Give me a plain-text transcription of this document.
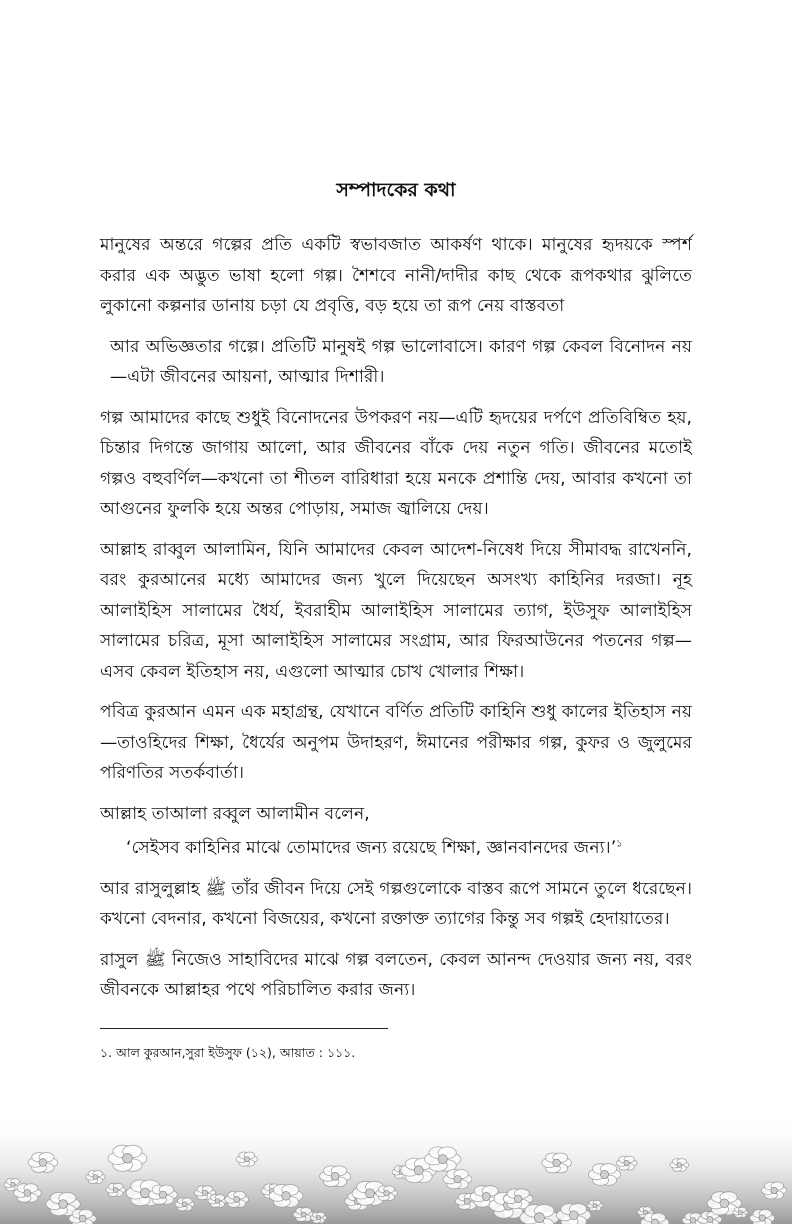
সম্পাদকের কথা

মানুষের অন্তরে গল্পের প্রতি একটি স্বভাবজাত আকর্ষণ থাকে। মানুষের হৃদয়কে স্পর্শ করার এক অদ্ভুত ভাষা হলো গল্প। শৈশবে নানী/দাদীর কাছ থেকে রূপকথার ঝুলিতে লুকানো কল্পনার ডানায় চড়া যে প্রবৃত্তি, বড় হয়ে তা রূপ নেয় বাস্তবতা

আর অভিজ্ঞতার গল্পে। প্রতিটি মানুষই গল্প ভালোবাসে। কারণ গল্প কেবল বিনোদন নয়—এটা জীবনের আয়না, আত্মার দিশারী।

গল্প আমাদের কাছে শুধুই বিনোদনের উপকরণ নয়—এটি হৃদয়ের দর্পণে প্রতিবিম্বিত হয়, চিন্তার দিগন্তে জাগায় আলো, আর জীবনের বাঁকে দেয় নতুন গতি। জীবনের মতোই গল্পও বহুবর্ণিল—কখনো তা শীতল বারিধারা হয়ে মনকে প্রশান্তি দেয়, আবার কখনো তা আগুনের ফুলকি হয়ে অন্তর পোড়ায়, সমাজ জ্বালিয়ে দেয়।

আল্লাহ রাব্বুল আলামিন, যিনি আমাদের কেবল আদেশ-নিষেধ দিয়ে সীমাবদ্ধ রাখেননি, বরং কুরআনের মধ্যে আমাদের জন্য খুলে দিয়েছেন অসংখ্য কাহিনির দরজা। নূহ আলাইহিস সালামের ধৈর্য, ইবরাহীম আলাইহিস সালামের ত্যাগ, ইউসুফ আলাইহিস সালামের চরিত্র, মূসা আলাইহিস সালামের সংগ্রাম, আর ফিরআউনের পতনের গল্প—এসব কেবল ইতিহাস নয়, এগুলো আত্মার চোখ খোলার শিক্ষা।

পবিত্র কুরআন এমন এক মহাগ্রন্থ, যেখানে বর্ণিত প্রতিটি কাহিনি শুধু কালের ইতিহাস নয়—তাওহিদের শিক্ষা, ধৈর্যের অনুপম উদাহরণ, ঈমানের পরীক্ষার গল্প, কুফর ও জুলুমের পরিণতির সতর্কবার্তা।

আল্লাহ তাআলা রব্বুল আলামীন বলেন,

‘সেইসব কাহিনির মাঝে তোমাদের জন্য রয়েছে শিক্ষা, জ্ঞানবানদের জন্য।’$^১$

আর রাসুলুল্লাহ ﷺ তাঁর জীবন দিয়ে সেই গল্পগুলোকে বাস্তব রূপে সামনে তুলে ধরেছেন। কখনো বেদনার, কখনো বিজয়ের, কখনো রক্তাক্ত ত্যাগের কিন্তু সব গল্পই হেদায়াতের।

রাসুল ﷺ নিজেও সাহাবিদের মাঝে গল্প বলতেন, কেবল আনন্দ দেওয়ার জন্য নয়, বরং জীবনকে আল্লাহর পথে পরিচালিত করার জন্য।

১. আল কুরআন,সুরা ইউসুফ (১২), আয়াত : ১১১.
